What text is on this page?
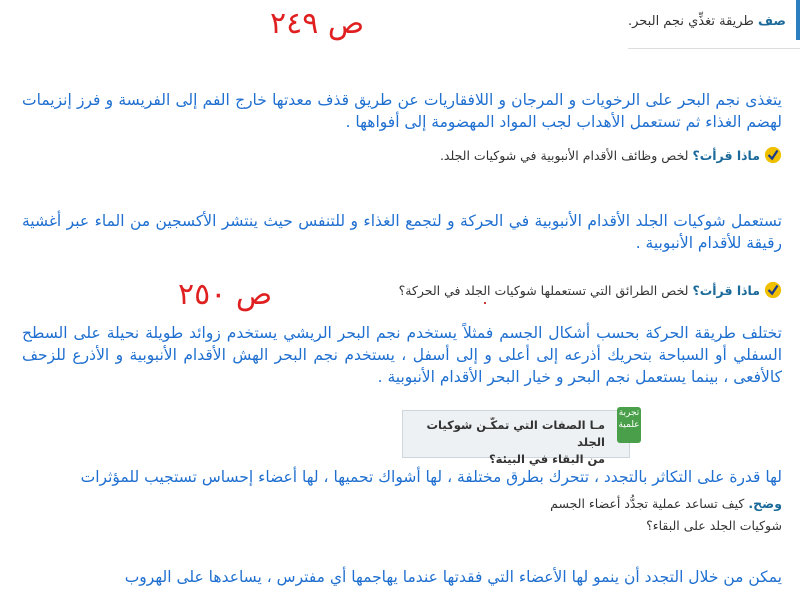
صف طريقة تغذِّي نجم البحر.
ص ٢٤٩
يتغذى نجم البحر على الرخويات و المرجان و اللافقاريات عن طريق قذف معدتها خارج الفم إلى الفريسة و فرز إنزيمات لهضم الغذاء ثم تستعمل الأهداب لجب المواد المهضومة إلى أفواهها .
ماذا قرأت؟
لخص وظائف الأقدام الأنبوبية في شوكيات الجلد.
تستعمل شوكيات الجلد الأقدام الأنبوبية في الحركة و لتجمع الغذاء و للتنفس حيث ينتشر الأكسجين من الماء عبر أغشية رقيقة للأقدام الأنبوبية .
ص ٢٥٠	ماذا قرأت؟
لخص الطرائق التي تستعملها شوكيات الجلد في الحركة؟
تختلف طريقة الحركة بحسب أشكال الجسم فمثلاً يستخدم نجم البحر الريشي يستخدم زوائد طويلة نحيلة على السطح السفلي أو السباحة بتحريك أذرعه إلى أعلى و إلى أسفل ، يستخدم نجم البحر الهش الأقدام الأنبوبية و الأذرع للزحف كالأفعى ، بينما يستعمل نجم البحر و خيار البحر الأقدام الأنبوبية .
تجربة علمية
مـا الصفات التي تمكّـن شوكيات الجلد
من البقاء في البيئة؟
لها قدرة على التكاثر بالتجدد ، تتحرك بطرق مختلفة ، لها أشواك تحميها ، لها أعضاء إحساس تستجيب للمؤثرات
وضح.
كيف تساعد عملية تجدُّد أعضاء الجسم
شوكيات الجلد على البقاء؟
يمكن من خلال التجدد أن ينمو لها الأعضاء التي فقدتها عندما يهاجمها أي مفترس ، يساعدها على الهروب
